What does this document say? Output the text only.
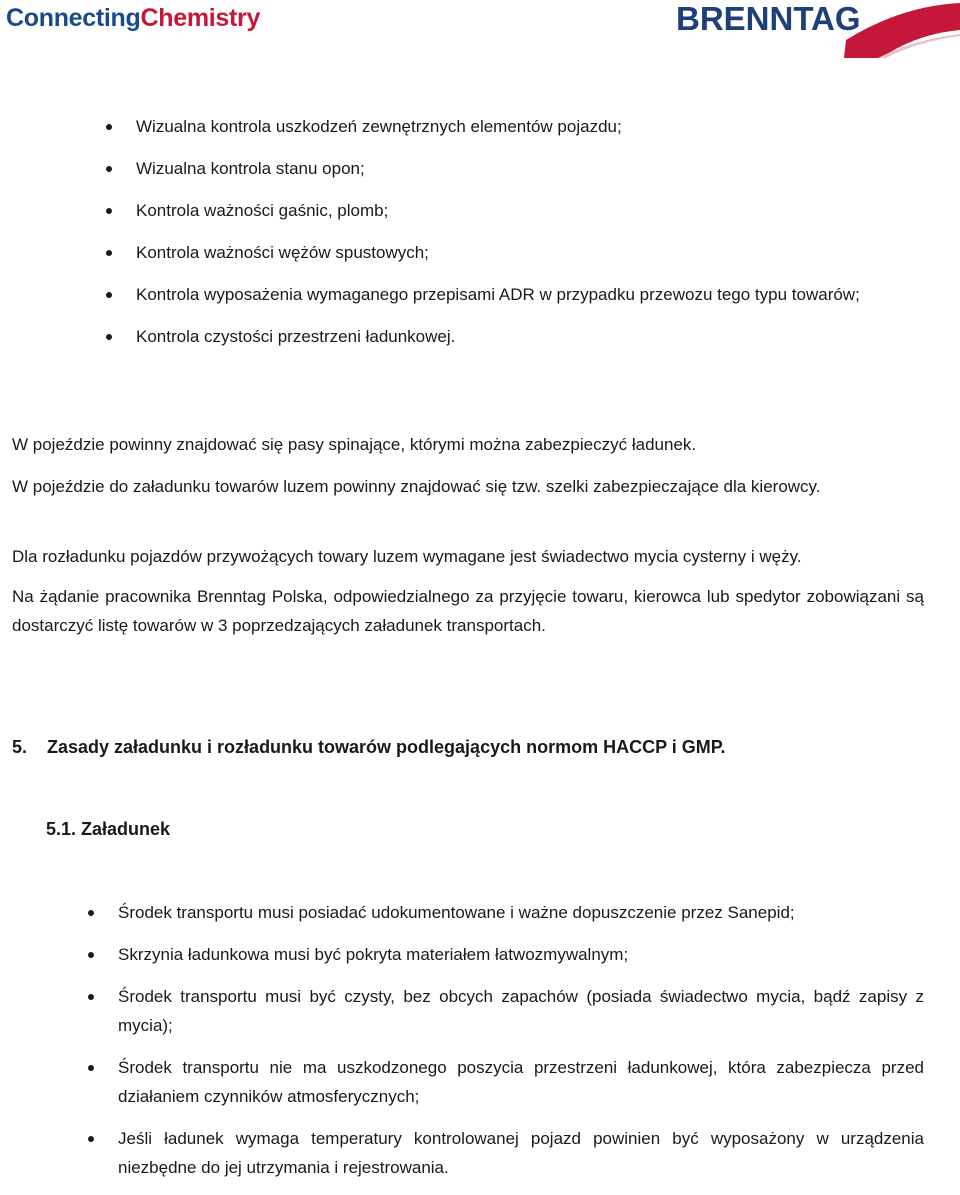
ConnectingChemistry	BRENNTAG
Wizualna kontrola uszkodzeń zewnętrznych elementów pojazdu;
Wizualna kontrola stanu opon;
Kontrola ważności gaśnic, plomb;
Kontrola ważności wężów spustowych;
Kontrola wyposażenia wymaganego przepisami ADR w przypadku przewozu tego typu towarów;
Kontrola czystości przestrzeni ładunkowej.

W pojeździe powinny znajdować się pasy spinające, którymi można zabezpieczyć ładunek.

W pojeździe do załadunku towarów luzem powinny znajdować się tzw. szelki zabezpieczające dla kierowcy.

Dla rozładunku pojazdów przywożących towary luzem wymagane jest świadectwo mycia cysterny i węży.

Na żądanie pracownika Brenntag Polska, odpowiedzialnego za przyjęcie towaru, kierowca lub spedytor zobowiązani są dostarczyć listę towarów w 3 poprzedzających załadunek transportach.

5. Zasady załadunku i rozładunku towarów podlegających normom HACCP i GMP.
5.1. Załadunek
Środek transportu musi posiadać udokumentowane i ważne dopuszczenie przez Sanepid;
Skrzynia ładunkowa musi być pokryta materiałem łatwozmywalnym;
Środek transportu musi być czysty, bez obcych zapachów (posiada świadectwo mycia, bądź zapisy z mycia);
Środek transportu nie ma uszkodzonego poszycia przestrzeni ładunkowej, która zabezpiecza przed działaniem czynników atmosferycznych;
Jeśli ładunek wymaga temperatury kontrolowanej pojazd powinien być wyposażony w urządzenia niezbędne do jej utrzymania i rejestrowania.
